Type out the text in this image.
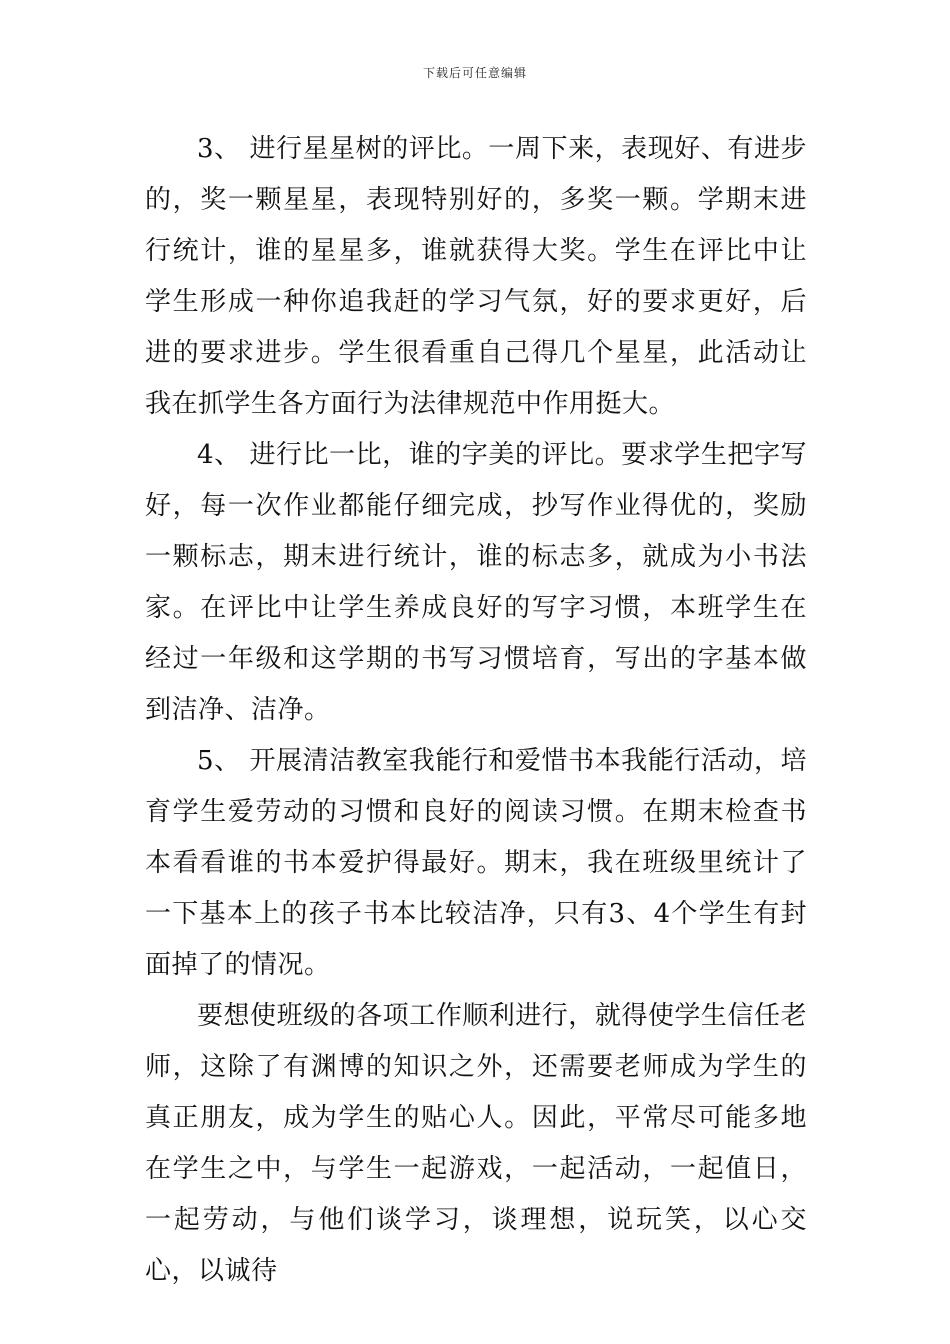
下载后可任意编辑

3、 进行星星树的评比。一周下来，表现好、有进步的，奖一颗星星，表现特别好的，多奖一颗。学期末进行统计，谁的星星多，谁就获得大奖。学生在评比中让学生形成一种你追我赶的学习气氛，好的要求更好，后进的要求进步。学生很看重自己得几个星星，此活动让我在抓学生各方面行为法律规范中作用挺大。

4、 进行比一比，谁的字美的评比。要求学生把字写好，每一次作业都能仔细完成，抄写作业得优的，奖励一颗标志，期末进行统计，谁的标志多，就成为小书法家。在评比中让学生养成良好的写字习惯，本班学生在经过一年级和这学期的书写习惯培育，写出的字基本做到洁净、洁净。

5、 开展清洁教室我能行和爱惜书本我能行活动，培育学生爱劳动的习惯和良好的阅读习惯。在期末检查书本看看谁的书本爱护得最好。期末，我在班级里统计了一下基本上的孩子书本比较洁净，只有3、4个学生有封面掉了的情况。

要想使班级的各项工作顺利进行，就得使学生信任老师，这除了有渊博的知识之外，还需要老师成为学生的真正朋友，成为学生的贴心人。因此，平常尽可能多地在学生之中，与学生一起游戏，一起活动，一起值日，一起劳动，与他们谈学习，谈理想，说玩笑，以心交心，以诚待
